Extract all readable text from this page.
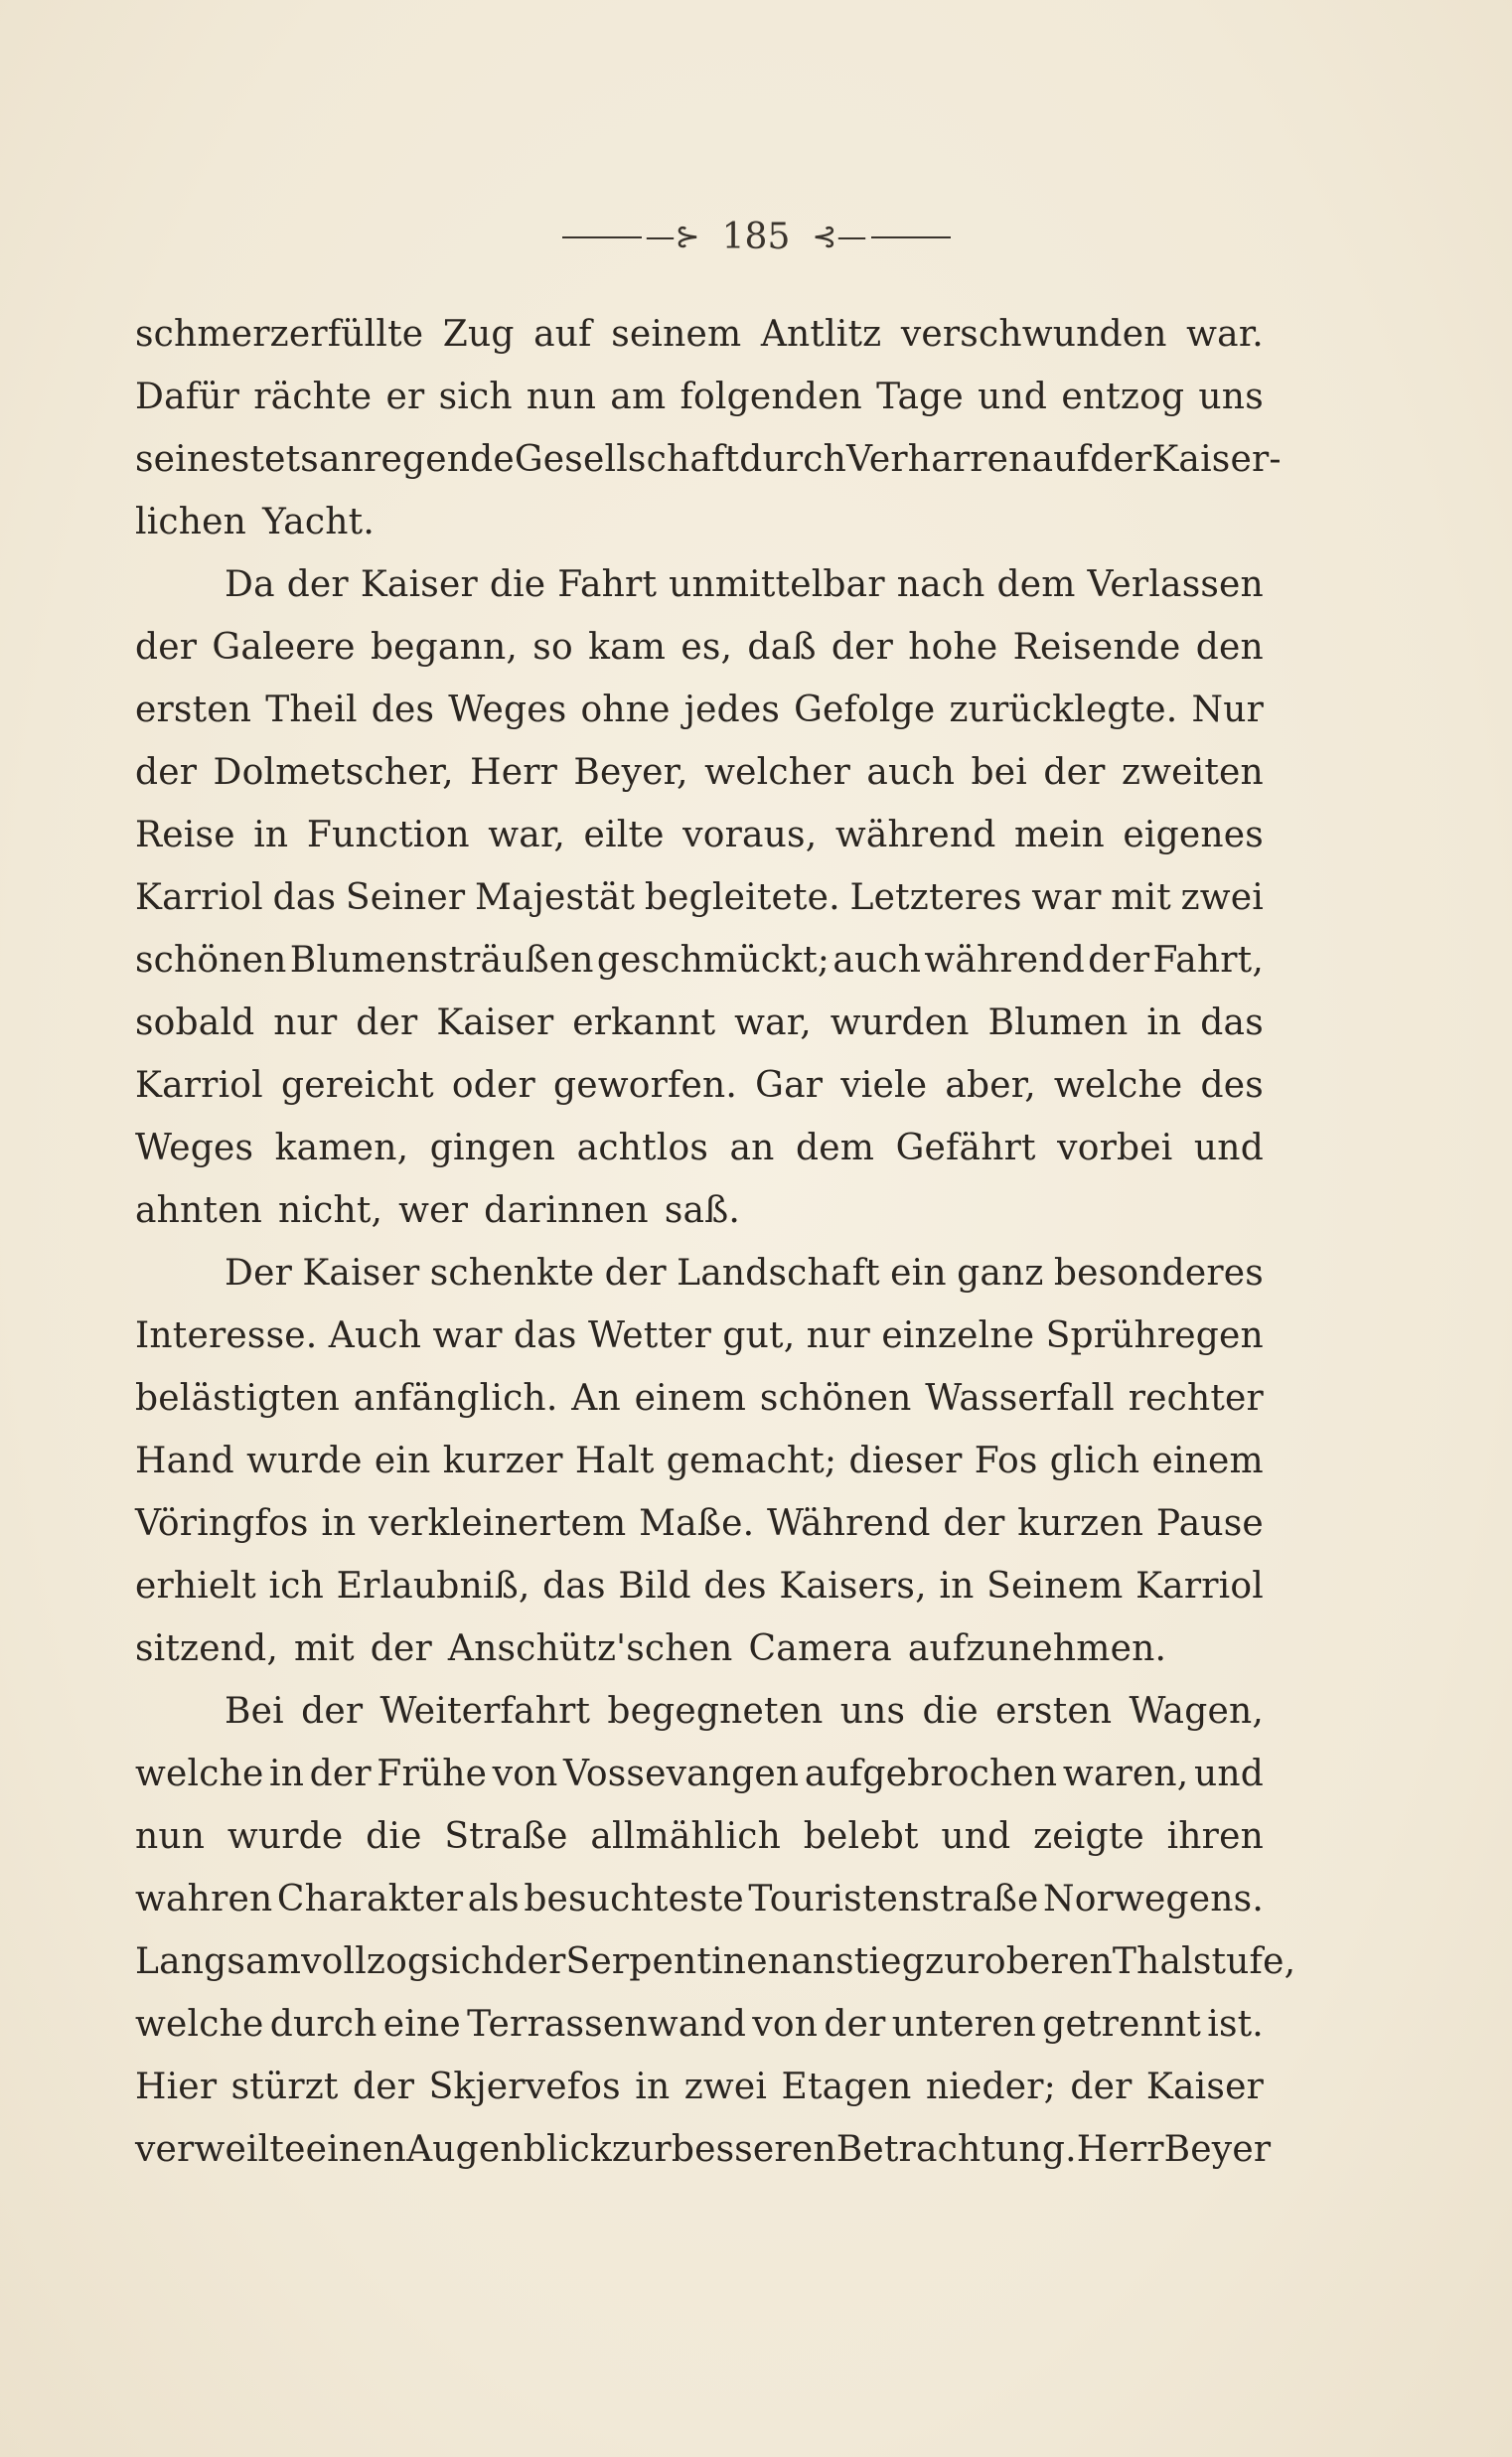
—⊱ 185 ⊰—
schmerzerfüllte Zug auf seinem Antlitz verschwunden war.
Dafür rächte er sich nun am folgenden Tage und entzog uns
seine stets anregende Gesellschaft durch Verharren auf der Kaiser-
lichen Yacht.
Da der Kaiser die Fahrt unmittelbar nach dem Verlassen
der Galeere begann, so kam es, daß der hohe Reisende den
ersten Theil des Weges ohne jedes Gefolge zurücklegte. Nur
der Dolmetscher, Herr Beyer, welcher auch bei der zweiten
Reise in Function war, eilte voraus, während mein eigenes
Karriol das Seiner Majestät begleitete. Letzteres war mit zwei
schönen Blumensträußen geschmückt; auch während der Fahrt,
sobald nur der Kaiser erkannt war, wurden Blumen in das
Karriol gereicht oder geworfen. Gar viele aber, welche des
Weges kamen, gingen achtlos an dem Gefährt vorbei und
ahnten nicht, wer darinnen saß.
Der Kaiser schenkte der Landschaft ein ganz besonderes
Interesse. Auch war das Wetter gut, nur einzelne Sprühregen
belästigten anfänglich. An einem schönen Wasserfall rechter
Hand wurde ein kurzer Halt gemacht; dieser Fos glich einem
Vöringfos in verkleinertem Maße. Während der kurzen Pause
erhielt ich Erlaubniß, das Bild des Kaisers, in Seinem Karriol
sitzend, mit der Anschütz'schen Camera aufzunehmen.
Bei der Weiterfahrt begegneten uns die ersten Wagen,
welche in der Frühe von Vossevangen aufgebrochen waren, und
nun wurde die Straße allmählich belebt und zeigte ihren
wahren Charakter als besuchteste Touristenstraße Norwegens.
Langsam vollzog sich der Serpentinenanstieg zur oberen Thalstufe,
welche durch eine Terrassenwand von der unteren getrennt ist.
Hier stürzt der Skjervefos in zwei Etagen nieder; der Kaiser
verweilte einen Augenblick zur besseren Betrachtung. Herr Beyer
